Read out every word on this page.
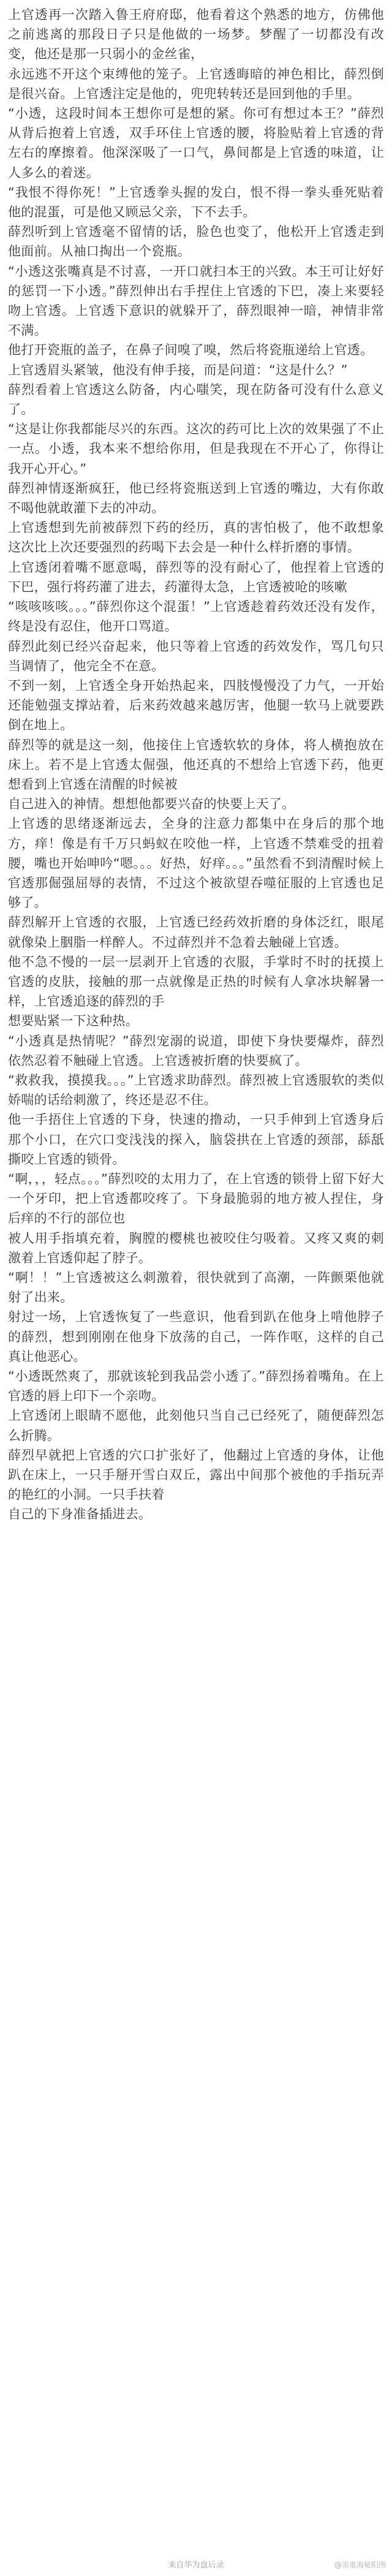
上官透再一次踏入鲁王府府邸，他看着这个熟悉的地方，仿佛他之前逃离的那段日子只是他做的一场梦。梦醒了一切都没有改变，他还是那一只弱小的金丝雀，

永远逃不开这个束缚他的笼子。上官透晦暗的神色相比，薛烈倒是很兴奋。上官透注定是他的，兜兜转转还是回到他的手里。

“小透，这段时间本王想你可是想的紧。你可有想过本王？”薛烈从背后抱着上官透，双手环住上官透的腰，将脸贴着上官透的背左右的摩擦着。他深深吸了一口气，鼻间都是上官透的味道，让人多么的着迷。

“我恨不得你死！”上官透拳头握的发白，恨不得一拳头垂死贴着他的混蛋，可是他又顾忌父亲，下不去手。

薛烈听到上官透毫不留情的话，脸色也变了，他松开上官透走到他面前。从袖口掏出一个瓷瓶。

“小透这张嘴真是不讨喜，一开口就扫本王的兴致。本王可让好好的惩罚一下小透。”薛烈伸出右手捏住上官透的下巴，凑上来要轻吻上官透。上官透下意识的就躲开了，薛烈眼神一暗，神情非常不满。

他打开瓷瓶的盖子，在鼻子间嗅了嗅，然后将瓷瓶递给上官透。

上官透眉头紧皱，他没有伸手接，而是问道：“这是什么？”

薛烈看着上官透这么防备，内心嗤笑，现在防备可没有什么意义了。

“这是让你我都能尽兴的东西。这次的药可比上次的效果强了不止一点。小透，我本来不想给你用，但是我现在不开心了，你得让我开心开心。”

薛烈神情逐渐疯狂，他已经将瓷瓶送到上官透的嘴边，大有你敢不喝他就敢灌下去的冲动。

上官透想到先前被薛烈下药的经历，真的害怕极了，他不敢想象这次比上次还要强烈的药喝下去会是一种什么样折磨的事情。

上官透闭着嘴不愿意喝，薛烈等的没有耐心了，他捏着上官透的下巴，强行将药灌了进去，药灌得太急，上官透被呛的咳嗽

“咳咳咳咳。。。”薛烈你这个混蛋！”上官透趁着药效还没有发作，终是没有忍住，他开口骂道。

薛烈此刻已经兴奋起来，他只等着上官透的药效发作，骂几句只当调情了，他完全不在意。

不到一刻，上官透全身开始热起来，四肢慢慢没了力气，一开始还能勉强支撑站着，后来药效越来越厉害，他腿一软马上就要跌倒在地上。

薛烈等的就是这一刻，他接住上官透软软的身体，将人横抱放在床上。若不是上官透太倔强，他还真的不想给上官透下药，他更想看到上官透在清醒的时候被

自己进入的神情。想想他都要兴奋的快要上天了。

上官透的思绪逐渐远去，全身的注意力都集中在身后的那个地方，痒！像是有千万只蚂蚁在咬他一样，上官透不禁难受的扭着腰，嘴也开始呻吟“嗯。。。好热，好痒。。。”虽然看不到清醒时候上官透那倔强屈辱的表情，不过这个被欲望吞噬征服的上官透也足够了。

薛烈解开上官透的衣服，上官透已经药效折磨的身体泛红，眼尾就像染上胭脂一样醉人。不过薛烈并不急着去触碰上官透。

他不急不慢的一层一层剥开上官透的衣服，手掌时不时的抚摸上官透的皮肤，接触的那一点就像是正热的时候有人拿冰块解暑一样，上官透追逐的薛烈的手

想要贴紧一下这种热。

“小透真是热情呢？”薛烈宠溺的说道，即使下身快要爆炸，薛烈依然忍着不触碰上官透。上官透被折磨的快要疯了。

“救救我，摸摸我。。。”上官透求助薛烈。薛烈被上官透服软的类似娇喘的话给刺激了，终还是忍不住。

他一手捂住上官透的下身，快速的撸动，一只手伸到上官透身后那个小口，在穴口变浅浅的探入，脑袋拱在上官透的颈部，舔舐撕咬上官透的锁骨。

“啊，，，轻点。。。”薛烈咬的太用力了，在上官透的锁骨上留下好大一个牙印，把上官透都咬疼了。下身最脆弱的地方被人捏住，身后痒的不行的部位也

被人用手指填充着，胸膛的樱桃也被咬住匀吸着。又疼又爽的刺激着上官透仰起了脖子。

“啊！！”上官透被这么刺激着，很快就到了高潮，一阵颤栗他就射了出来。

射过一场，上官透恢复了一些意识，他看到趴在他身上啃他脖子的薛烈，想到刚刚在他身下放荡的自己，一阵作呕，这样的自己真让他恶心。

“小透既然爽了，那就该轮到我品尝小透了。”薛烈扬着嘴角。在上官透的唇上印下一个亲吻。

上官透闭上眼睛不愿他，此刻他只当自己已经死了，随便薛烈怎么折腾。

薛烈早就把上官透的穴口扩张好了，他翻过上官透的身体，让他趴在床上，一只手掰开雪白双丘，露出中间那个被他的手指玩弄的艳红的小洞。一只手扶着

自己的下身准备插进去。

来自华为盘后录	@美重海秘阳图
